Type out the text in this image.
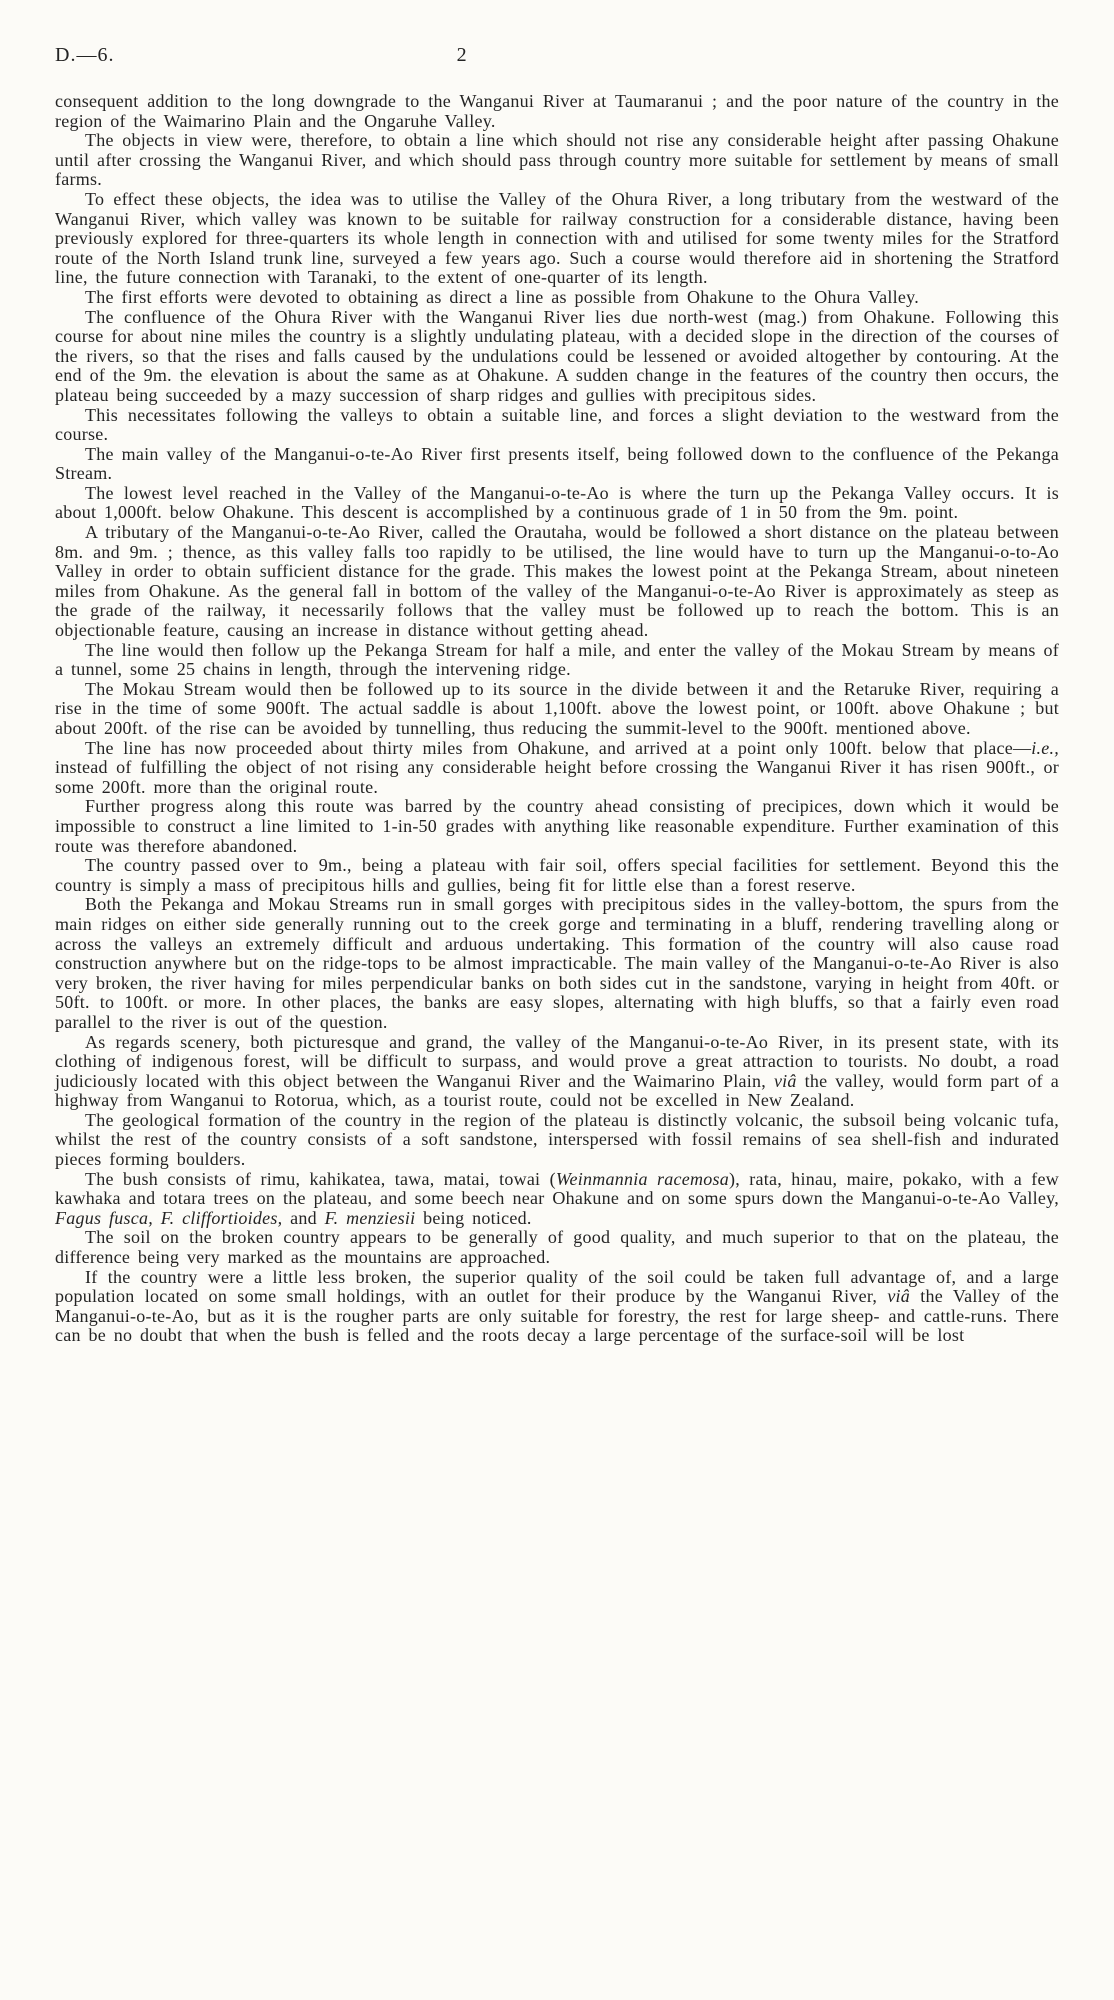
D.—6.	2

consequent addition to the long downgrade to the Wanganui River at Taumaranui ; and the poor nature of the country in the region of the Waimarino Plain and the Ongaruhe Valley.

The objects in view were, therefore, to obtain a line which should not rise any considerable height after passing Ohakune until after crossing the Wanganui River, and which should pass through country more suitable for settlement by means of small farms.

To effect these objects, the idea was to utilise the Valley of the Ohura River, a long tributary from the westward of the Wanganui River, which valley was known to be suitable for railway construction for a considerable distance, having been previously explored for three-quarters its whole length in connection with and utilised for some twenty miles for the Stratford route of the North Island trunk line, surveyed a few years ago. Such a course would therefore aid in shortening the Stratford line, the future connection with Taranaki, to the extent of one-quarter of its length.

The first efforts were devoted to obtaining as direct a line as possible from Ohakune to the Ohura Valley.

The confluence of the Ohura River with the Wanganui River lies due north-west (mag.) from Ohakune. Following this course for about nine miles the country is a slightly undulating plateau, with a decided slope in the direction of the courses of the rivers, so that the rises and falls caused by the undulations could be lessened or avoided altogether by contouring. At the end of the 9m. the elevation is about the same as at Ohakune. A sudden change in the features of the country then occurs, the plateau being succeeded by a mazy succession of sharp ridges and gullies with precipitous sides.

This necessitates following the valleys to obtain a suitable line, and forces a slight deviation to the westward from the course.

The main valley of the Manganui-o-te-Ao River first presents itself, being followed down to the confluence of the Pekanga Stream.

The lowest level reached in the Valley of the Manganui-o-te-Ao is where the turn up the Pekanga Valley occurs. It is about 1,000ft. below Ohakune. This descent is accomplished by a continuous grade of 1 in 50 from the 9m. point.

A tributary of the Manganui-o-te-Ao River, called the Orautaha, would be followed a short distance on the plateau between 8m. and 9m. ; thence, as this valley falls too rapidly to be utilised, the line would have to turn up the Manganui-o-to-Ao Valley in order to obtain sufficient distance for the grade. This makes the lowest point at the Pekanga Stream, about nineteen miles from Ohakune. As the general fall in bottom of the valley of the Manganui-o-te-Ao River is approximately as steep as the grade of the railway, it necessarily follows that the valley must be followed up to reach the bottom. This is an objectionable feature, causing an increase in distance without getting ahead.

The line would then follow up the Pekanga Stream for half a mile, and enter the valley of the Mokau Stream by means of a tunnel, some 25 chains in length, through the intervening ridge.

The Mokau Stream would then be followed up to its source in the divide between it and the Retaruke River, requiring a rise in the time of some 900ft. The actual saddle is about 1,100ft. above the lowest point, or 100ft. above Ohakune ; but about 200ft. of the rise can be avoided by tunnelling, thus reducing the summit-level to the 900ft. mentioned above.

The line has now proceeded about thirty miles from Ohakune, and arrived at a point only 100ft. below that place—i.e., instead of fulfilling the object of not rising any considerable height before crossing the Wanganui River it has risen 900ft., or some 200ft. more than the original route.

Further progress along this route was barred by the country ahead consisting of precipices, down which it would be impossible to construct a line limited to 1-in-50 grades with anything like reasonable expenditure. Further examination of this route was therefore abandoned.

The country passed over to 9m., being a plateau with fair soil, offers special facilities for settlement. Beyond this the country is simply a mass of precipitous hills and gullies, being fit for little else than a forest reserve.

Both the Pekanga and Mokau Streams run in small gorges with precipitous sides in the valley-bottom, the spurs from the main ridges on either side generally running out to the creek gorge and terminating in a bluff, rendering travelling along or across the valleys an extremely difficult and arduous undertaking. This formation of the country will also cause road construction anywhere but on the ridge-tops to be almost impracticable. The main valley of the Manganui-o-te-Ao River is also very broken, the river having for miles perpendicular banks on both sides cut in the sandstone, varying in height from 40ft. or 50ft. to 100ft. or more. In other places, the banks are easy slopes, alternating with high bluffs, so that a fairly even road parallel to the river is out of the question.

As regards scenery, both picturesque and grand, the valley of the Manganui-o-te-Ao River, in its present state, with its clothing of indigenous forest, will be difficult to surpass, and would prove a great attraction to tourists. No doubt, a road judiciously located with this object between the Wanganui River and the Waimarino Plain, viâ the valley, would form part of a highway from Wanganui to Rotorua, which, as a tourist route, could not be excelled in New Zealand.

The geological formation of the country in the region of the plateau is distinctly volcanic, the subsoil being volcanic tufa, whilst the rest of the country consists of a soft sandstone, interspersed with fossil remains of sea shell-fish and indurated pieces forming boulders.

The bush consists of rimu, kahikatea, tawa, matai, towai (Weinmannia racemosa), rata, hinau, maire, pokako, with a few kawhaka and totara trees on the plateau, and some beech near Ohakune and on some spurs down the Manganui-o-te-Ao Valley, Fagus fusca, F. cliffortioides, and F. menziesii being noticed.

The soil on the broken country appears to be generally of good quality, and much superior to that on the plateau, the difference being very marked as the mountains are approached.

If the country were a little less broken, the superior quality of the soil could be taken full advantage of, and a large population located on some small holdings, with an outlet for their produce by the Wanganui River, viâ the Valley of the Manganui-o-te-Ao, but as it is the rougher parts are only suitable for forestry, the rest for large sheep- and cattle-runs. There can be no doubt that when the bush is felled and the roots decay a large percentage of the surface-soil will be lost
